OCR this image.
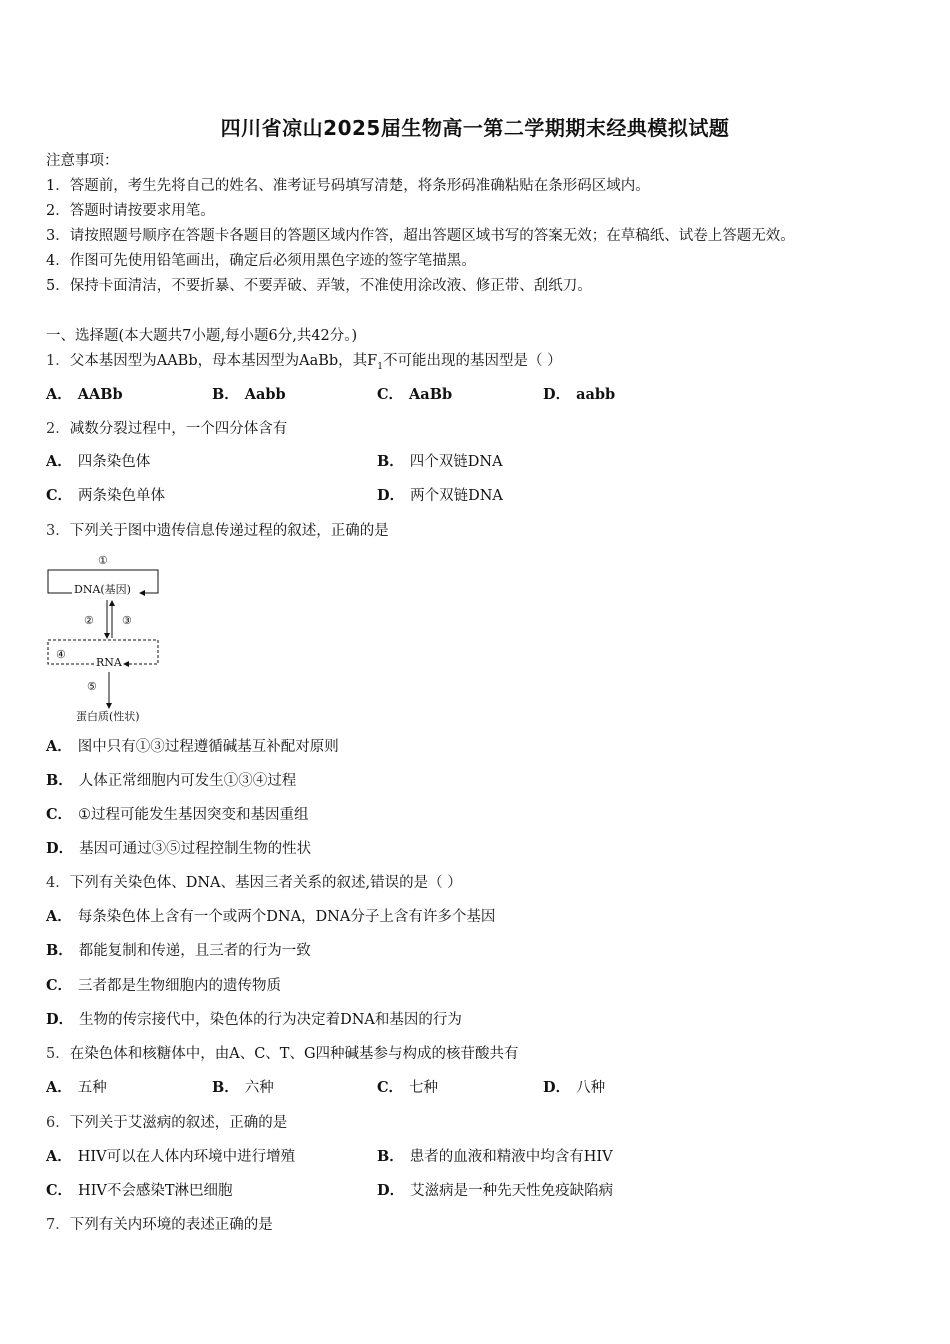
四川省凉山2025届生物高一第二学期期末经典模拟试题
注意事项：
1．答题前，考生先将自己的姓名、准考证号码填写清楚，将条形码准确粘贴在条形码区域内。
2．答题时请按要求用笔。
3．请按照题号顺序在答题卡各题目的答题区域内作答，超出答题区域书写的答案无效；在草稿纸、试卷上答题无效。
4．作图可先使用铅笔画出，确定后必须用黑色字迹的签字笔描黑。
5．保持卡面清洁，不要折暴、不要弄破、弄皱，不准使用涂改液、修正带、刮纸刀。
一、选择题(本大题共7小题,每小题6分,共42分。)
1．父本基因型为AABb，母本基因型为AaBb，其$F_1$不可能出现的基因型是（ ）
A． AABb	B． Aabb	C． AaBb	D． aabb
2．减数分裂过程中，一个四分体含有
A． 四条染色体	B． 四个双链DNA
C． 两条染色单体	D． 两个双链DNA
3．下列关于图中遗传信息传递过程的叙述，正确的是
①
DNA(基因)
②	③
④
RNA
⑤
蛋白质(性状)
A． 图中只有①③过程遵循碱基互补配对原则
B． 人体正常细胞内可发生①③④过程
C． ①过程可能发生基因突变和基因重组
D． 基因可通过③⑤过程控制生物的性状
4．下列有关染色体、DNA、基因三者关系的叙述,错误的是（ ）
A． 每条染色体上含有一个或两个DNA，DNA分子上含有许多个基因
B． 都能复制和传递，且三者的行为一致
C． 三者都是生物细胞内的遗传物质
D． 生物的传宗接代中，染色体的行为决定着DNA和基因的行为
5．在染色体和核糖体中，由A、C、T、G四种碱基参与构成的核苷酸共有
A． 五种	B． 六种	C． 七种	D． 八种
6．下列关于艾滋病的叙述，正确的是
A． HIV可以在人体内环境中进行增殖	B． 患者的血液和精液中均含有HIV
C． HIV不会感染T淋巴细胞	D． 艾滋病是一种先天性免疫缺陷病
7．下列有关内环境的表述正确的是
